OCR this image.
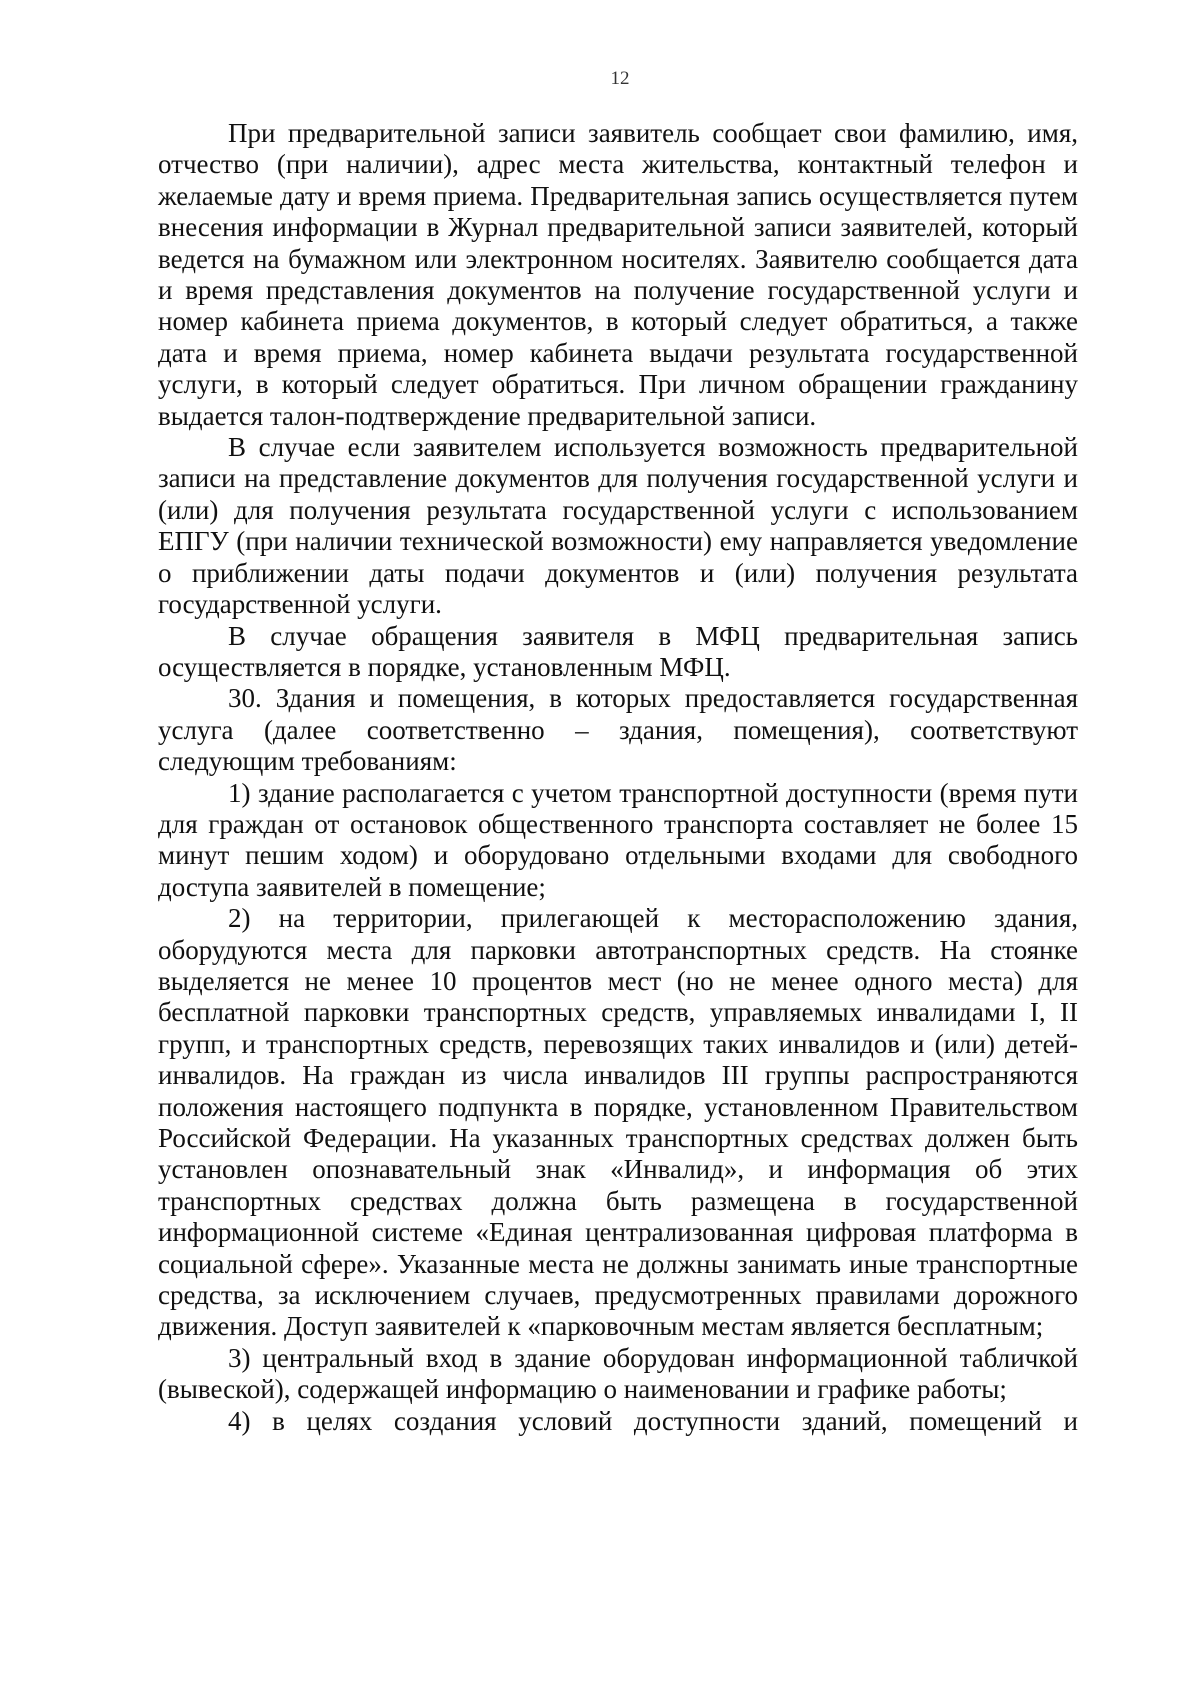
12

При предварительной записи заявитель сообщает свои фамилию, имя, отчество (при наличии), адрес места жительства, контактный телефон и желаемые дату и время приема. Предварительная запись осуществляется путем внесения информации в Журнал предварительной записи заявителей, который ведется на бумажном или электронном носителях. Заявителю сообщается дата и время представления документов на получение государственной услуги и номер кабинета приема документов, в который следует обратиться, а также дата и время приема, номер кабинета выдачи результата государственной услуги, в который следует обратиться. При личном обращении гражданину выдается талон-подтверждение предварительной записи.

В случае если заявителем используется возможность предварительной записи на представление документов для получения государственной услуги и (или) для получения результата государственной услуги с использованием ЕПГУ (при наличии технической возможности) ему направляется уведомление о приближении даты подачи документов и (или) получения результата государственной услуги.

В случае обращения заявителя в МФЦ предварительная запись осуществляется в порядке, установленным МФЦ.

30. Здания и помещения, в которых предоставляется государственная услуга (далее соответственно – здания, помещения), соответствуют следующим требованиям:

1) здание располагается с учетом транспортной доступности (время пути для граждан от остановок общественного транспорта составляет не более 15 минут пешим ходом) и оборудовано отдельными входами для свободного доступа заявителей в помещение;

2) на территории, прилегающей к месторасположению здания, оборудуются места для парковки автотранспортных средств. На стоянке выделяется не менее 10 процентов мест (но не менее одного места) для бесплатной парковки транспортных средств, управляемых инвалидами I, II групп, и транспортных средств, перевозящих таких инвалидов и (или) детей-инвалидов. На граждан из числа инвалидов III группы распространяются положения настоящего подпункта в порядке, установленном Правительством Российской Федерации. На указанных транспортных средствах должен быть установлен опознавательный знак «Инвалид», и информация об этих транспортных средствах должна быть размещена в государственной информационной системе «Единая централизованная цифровая платформа в социальной сфере». Указанные места не должны занимать иные транспортные средства, за исключением случаев, предусмотренных правилами дорожного движения. Доступ заявителей к «парковочным местам является бесплатным;

3) центральный вход в здание оборудован информационной табличкой (вывеской), содержащей информацию о наименовании и графике работы;

4) в целях создания условий доступности зданий, помещений и
